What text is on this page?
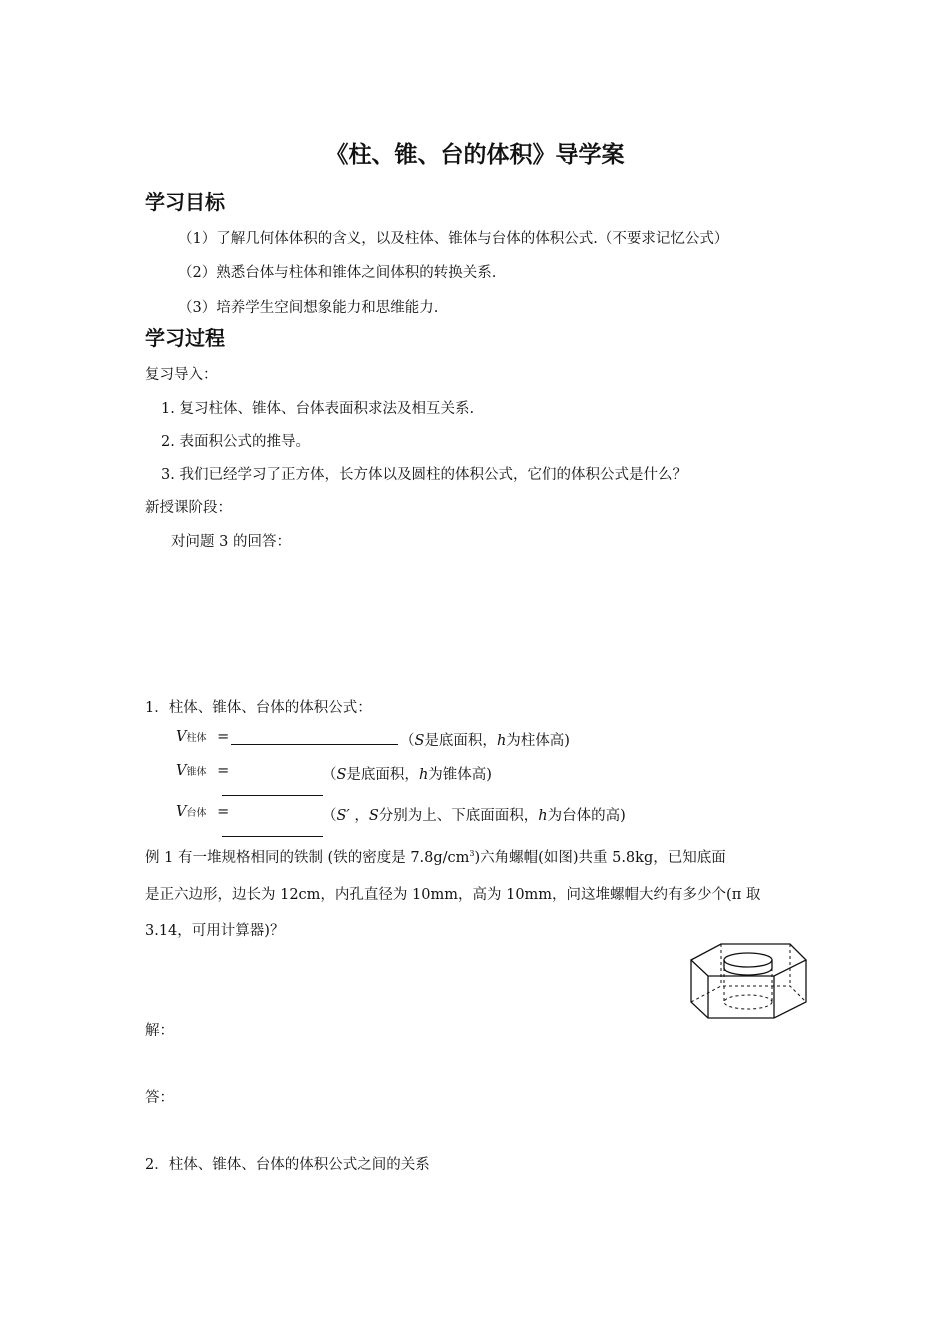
《柱、锥、台的体积》导学案
学习目标
（1）了解几何体体积的含义，以及柱体、锥体与台体的体积公式.（不要求记忆公式）
（2）熟悉台体与柱体和锥体之间体积的转换关系.
（3）培养学生空间想象能力和思维能力.
学习过程
复习导入：
1. 复习柱体、锥体、台体表面积求法及相互关系.
2. 表面积公式的推导。
3. 我们已经学习了正方体，长方体以及圆柱的体积公式，它们的体积公式是什么？
新授课阶段：
对问题 3 的回答：
1．柱体、锥体、台体的体积公式：
V柱体 =	（S是底面积，h为柱体高)
V锥体 =	（S是底面积，h为锥体高)
V台体 =	（S′ ，S分别为上、下底面面积，h为台体的高)
例 1 有一堆规格相同的铁制 (铁的密度是 $7.8g/cm^3$)六角螺帽(如图)共重 5.8kg，已知底面
是正六边形，边长为 12cm，内孔直径为 10mm，高为 10mm，问这堆螺帽大约有多少个(π 取
3.14，可用计算器)？
解：
答：
2．柱体、锥体、台体的体积公式之间的关系
